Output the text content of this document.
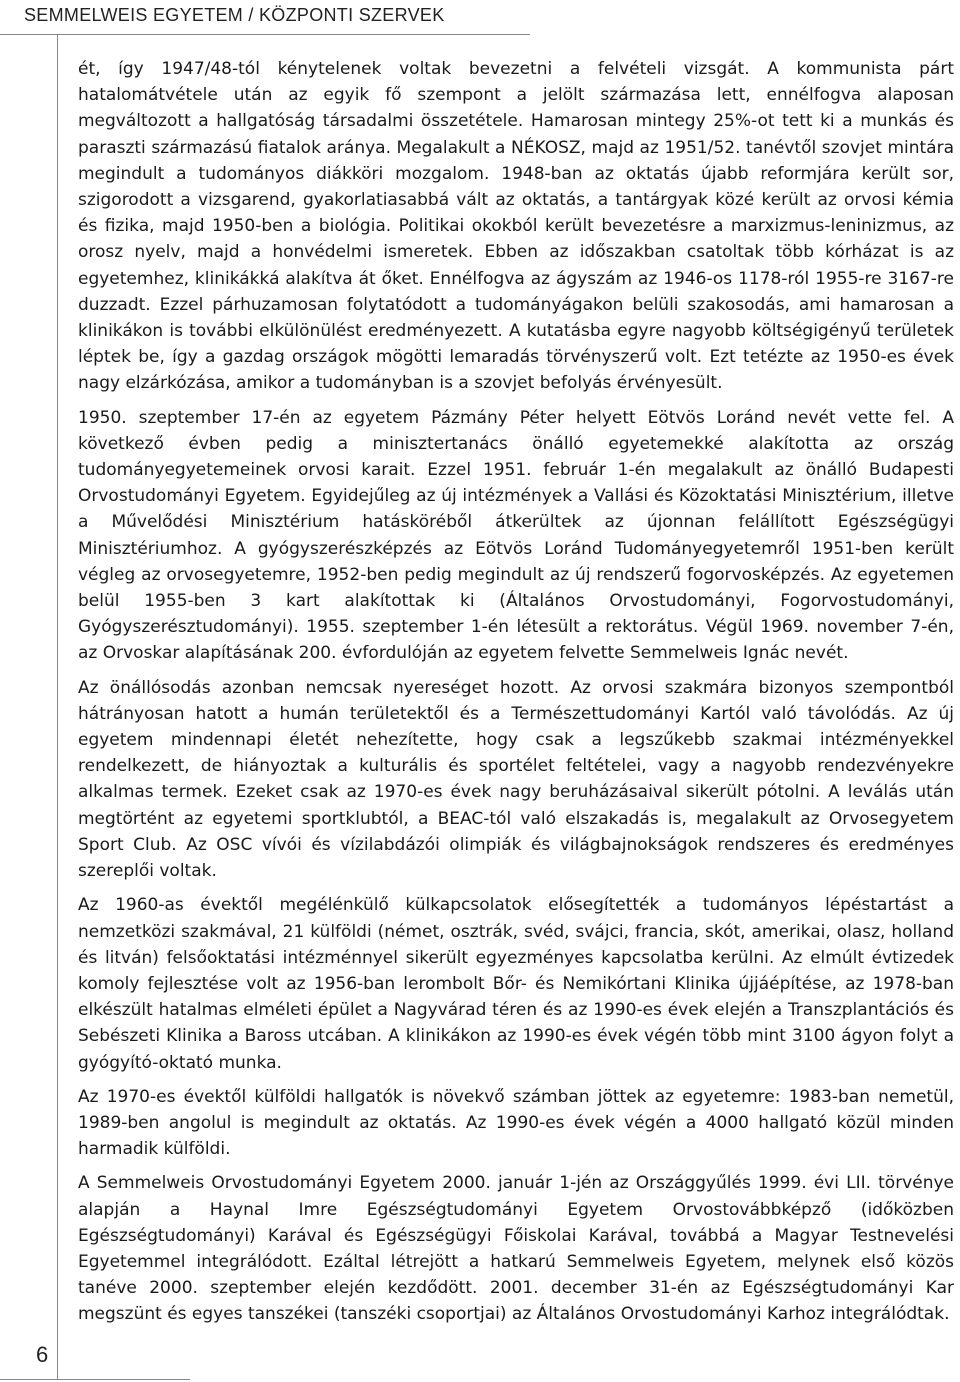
SEMMELWEIS EGYETEM / KÖZPONTI SZERVEK

ét, így 1947/48-tól kénytelenek voltak bevezetni a felvételi vizsgát. A kommunista párt hatalomátvétele után az egyik fő szempont a jelölt származása lett, ennélfogva alaposan megváltozott a hallgatóság társadalmi összetétele. Hamarosan mintegy 25%-ot tett ki a munkás és paraszti származású fiatalok aránya. Megalakult a NÉKOSZ, majd az 1951/52. tanévtől szovjet mintára megindult a tudományos diákköri mozgalom. 1948-ban az oktatás újabb reformjára került sor, szigorodott a vizsgarend, gyakorlatiasabbá vált az oktatás, a tantárgyak közé került az orvosi kémia és fizika, majd 1950-ben a biológia. Politikai okokból került bevezetésre a marxizmus-leninizmus, az orosz nyelv, majd a honvédelmi ismeretek. Ebben az időszakban csatoltak több kórházat is az egyetemhez, klinikákká alakítva át őket. Ennélfogva az ágyszám az 1946-os 1178-ról 1955-re 3167-re duzzadt. Ezzel párhuzamosan folytatódott a tudományágakon belüli szakosodás, ami hamarosan a klinikákon is további elkülönülést eredményezett. A kutatásba egyre nagyobb költségigényű területek léptek be, így a gazdag országok mögötti lemaradás törvényszerű volt. Ezt tetézte az 1950-es évek nagy elzárkózása, amikor a tudományban is a szovjet befolyás érvényesült.

1950. szeptember 17-én az egyetem Pázmány Péter helyett Eötvös Loránd nevét vette fel. A következő évben pedig a minisztertanács önálló egyetemekké alakította az ország tudományegyetemeinek orvosi karait. Ezzel 1951. február 1-én megalakult az önálló Budapesti Orvostudományi Egyetem. Egyidejűleg az új intézmények a Vallási és Közoktatási Minisztérium, illetve a Művelődési Minisztérium hatásköréből átkerültek az újonnan felállított Egészségügyi Minisztériumhoz. A gyógyszerészképzés az Eötvös Loránd Tudományegyetemről 1951-ben került végleg az orvosegyetemre, 1952-ben pedig megindult az új rendszerű fogorvosképzés. Az egyetemen belül 1955-ben 3 kart alakítottak ki (Általános Orvostudományi, Fogorvostudományi, Gyógyszerésztudományi). 1955. szeptember 1-én létesült a rektorátus. Végül 1969. november 7-én, az Orvoskar alapításának 200. évfordulóján az egyetem felvette Semmelweis Ignác nevét.

Az önállósodás azonban nemcsak nyereséget hozott. Az orvosi szakmára bizonyos szempontból hátrányosan hatott a humán területektől és a Természettudományi Kartól való távolódás. Az új egyetem mindennapi életét nehezítette, hogy csak a legszűkebb szakmai intézményekkel rendelkezett, de hiányoztak a kulturális és sportélet feltételei, vagy a nagyobb rendezvényekre alkalmas termek. Ezeket csak az 1970-es évek nagy beruházásaival sikerült pótolni. A leválás után megtörtént az egyetemi sportklubtól, a BEAC-tól való elszakadás is, megalakult az Orvosegyetem Sport Club. Az OSC vívói és vízilabdázói olimpiák és világbajnokságok rendszeres és eredményes szereplői voltak.

Az 1960-as évektől megélénkülő külkapcsolatok elősegítették a tudományos lépéstartást a nemzetközi szakmával, 21 külföldi (német, osztrák, svéd, svájci, francia, skót, amerikai, olasz, holland és litván) felsőoktatási intézménnyel sikerült egyezményes kapcsolatba kerülni. Az elmúlt évtizedek komoly fejlesztése volt az 1956-ban lerombolt Bőr- és Nemikórtani Klinika újjáépítése, az 1978-ban elkészült hatalmas elméleti épület a Nagyvárad téren és az 1990-es évek elején a Transzplantációs és Sebészeti Klinika a Baross utcában. A klinikákon az 1990-es évek végén több mint 3100 ágyon folyt a gyógyító-oktató munka.

Az 1970-es évektől külföldi hallgatók is növekvő számban jöttek az egyetemre: 1983-ban nemetül, 1989-ben angolul is megindult az oktatás. Az 1990-es évek végén a 4000 hallgató közül minden harmadik külföldi.

A Semmelweis Orvostudományi Egyetem 2000. január 1-jén az Országgyűlés 1999. évi LII. törvénye alapján a Haynal Imre Egészségtudományi Egyetem Orvostovábbképző (időközben Egészségtudományi) Karával és Egészségügyi Főiskolai Karával, továbbá a Magyar Testnevelési Egyetemmel integrálódott. Ezáltal létrejött a hatkarú Semmelweis Egyetem, melynek első közös tanéve 2000. szeptember elején kezdődött. 2001. december 31-én az Egészségtudományi Kar megszünt és egyes tanszékei (tanszéki csoportjai) az Általános Orvostudományi Karhoz integrálódtak.

6
